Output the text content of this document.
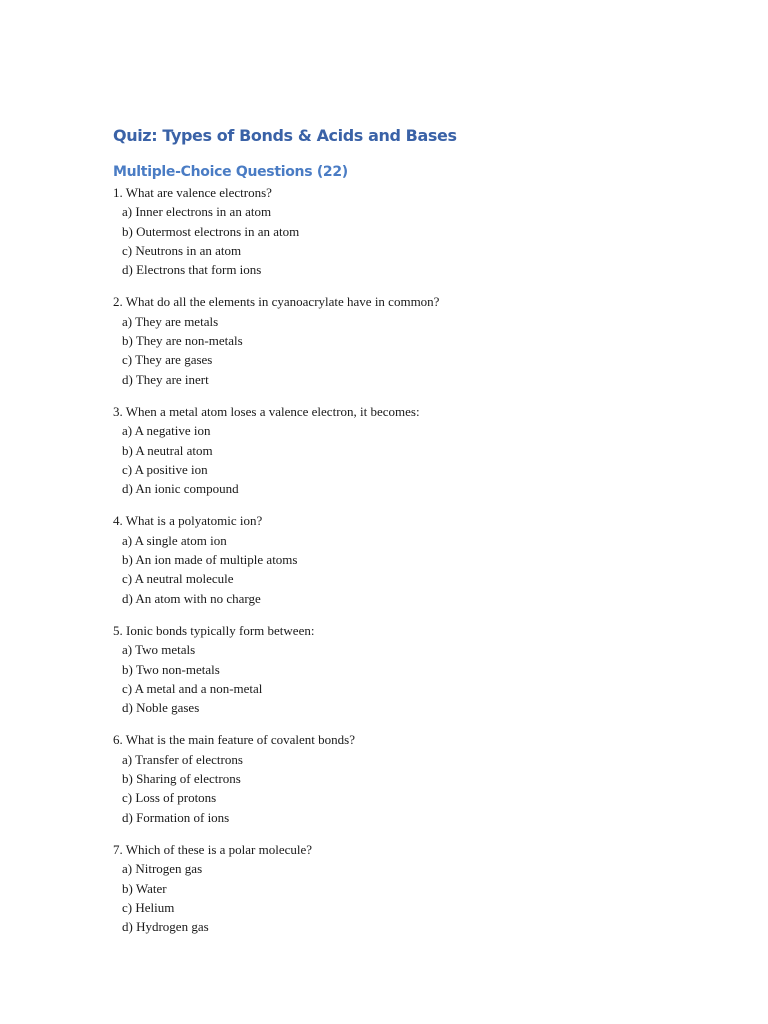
Quiz: Types of Bonds & Acids and Bases
Multiple-Choice Questions (22)
1. What are valence electrons?
a) Inner electrons in an atom
b) Outermost electrons in an atom
c) Neutrons in an atom
d) Electrons that form ions
2. What do all the elements in cyanoacrylate have in common?
a) They are metals
b) They are non-metals
c) They are gases
d) They are inert
3. When a metal atom loses a valence electron, it becomes:
a) A negative ion
b) A neutral atom
c) A positive ion
d) An ionic compound
4. What is a polyatomic ion?
a) A single atom ion
b) An ion made of multiple atoms
c) A neutral molecule
d) An atom with no charge
5. Ionic bonds typically form between:
a) Two metals
b) Two non-metals
c) A metal and a non-metal
d) Noble gases
6. What is the main feature of covalent bonds?
a) Transfer of electrons
b) Sharing of electrons
c) Loss of protons
d) Formation of ions
7. Which of these is a polar molecule?
a) Nitrogen gas
b) Water
c) Helium
d) Hydrogen gas
